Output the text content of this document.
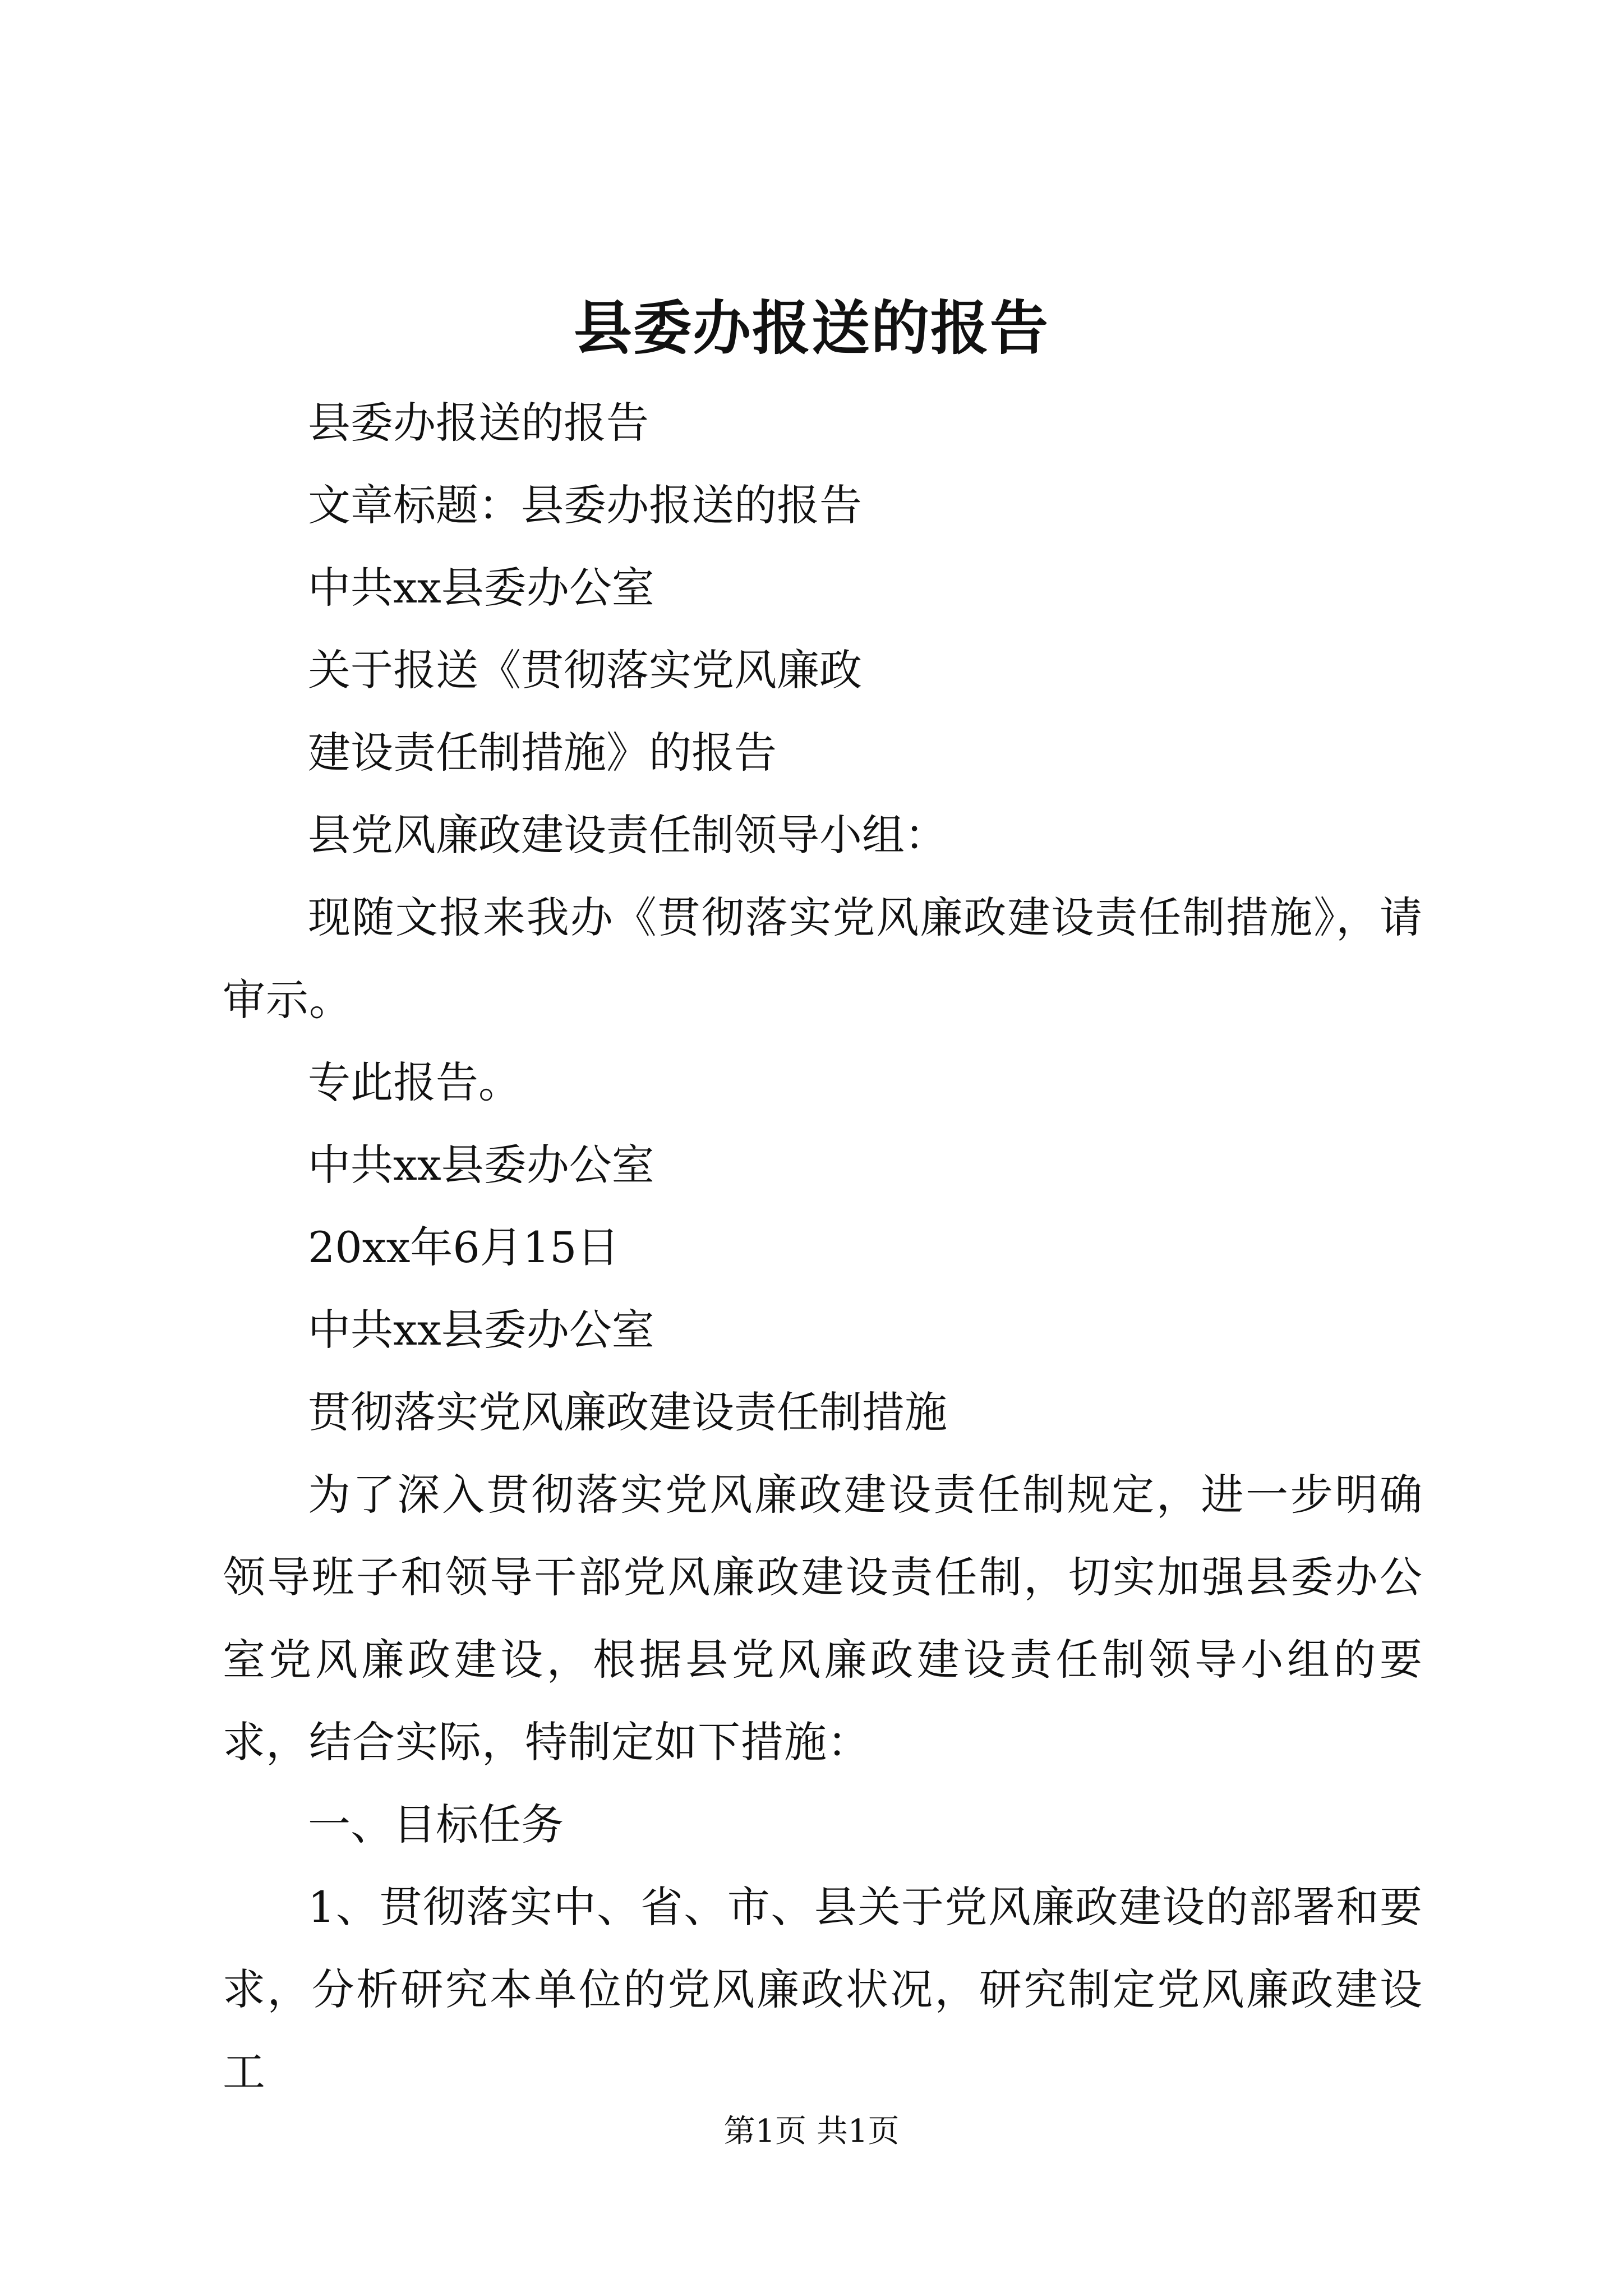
县委办报送的报告

县委办报送的报告

文章标题：县委办报送的报告

中共xx县委办公室

关于报送《贯彻落实党风廉政

建设责任制措施》的报告

县党风廉政建设责任制领导小组：

现随文报来我办《贯彻落实党风廉政建设责任制措施》，请审示。

专此报告。

中共xx县委办公室

20xx年6月15日

中共xx县委办公室

贯彻落实党风廉政建设责任制措施

为了深入贯彻落实党风廉政建设责任制规定，进一步明确领导班子和领导干部党风廉政建设责任制，切实加强县委办公室党风廉政建设，根据县党风廉政建设责任制领导小组的要求，结合实际，特制定如下措施：

一、目标任务

1、贯彻落实中、省、市、县关于党风廉政建设的部署和要求，分析研究本单位的党风廉政状况，研究制定党风廉政建设工

第1页 共1页
